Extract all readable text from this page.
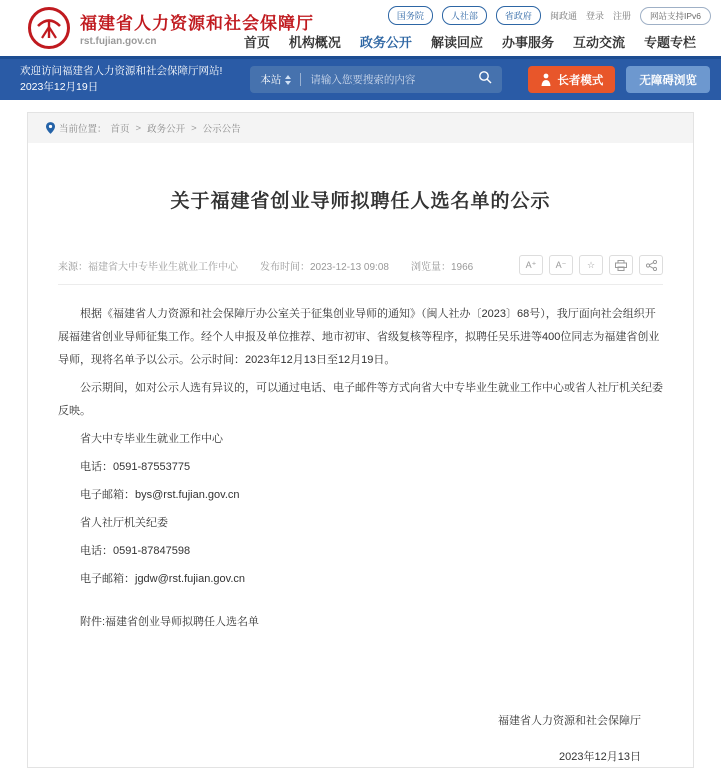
福建省人力资源和社会保障厅
rst.fujian.gov.cn
国务院	人社部	省政府	闽政通 登录 注册	网站支持IPv6
首页 机构概况 政务公开 解读回应 办事服务 互动交流 专题专栏
欢迎访问福建省人力资源和社会保障厅网站!
2023年12月19日
本站
请输入您要搜索的内容	长者模式	无障碍浏览
当前位置： 首页 > 政务公开 > 公示公告
关于福建省创业导师拟聘任人选名单的公示
来源：福建省大中专毕业生就业工作中心 发布时间：2023-12-13 09:08 浏览量：1966	A⁺	A⁻	☆

根据《福建省人力资源和社会保障厅办公室关于征集创业导师的通知》（闽人社办〔2023〕68号），我厅面向社会组织开展福建省创业导师征集工作。经个人申报及单位推荐、地市初审、省级复核等程序，拟聘任吴乐进等400位同志为福建省创业导师，现将名单予以公示。公示时间：2023年12月13日至12月19日。

公示期间，如对公示人选有异议的，可以通过电话、电子邮件等方式向省大中专毕业生就业工作中心或省人社厅机关纪委反映。

省大中专毕业生就业工作中心

电话：0591-87553775

电子邮箱：bys@rst.fujian.gov.cn

省人社厅机关纪委

电话：0591-87847598

电子邮箱：jgdw@rst.fujian.gov.cn

附件:福建省创业导师拟聘任人选名单
福建省人力资源和社会保障厅
2023年12月13日
